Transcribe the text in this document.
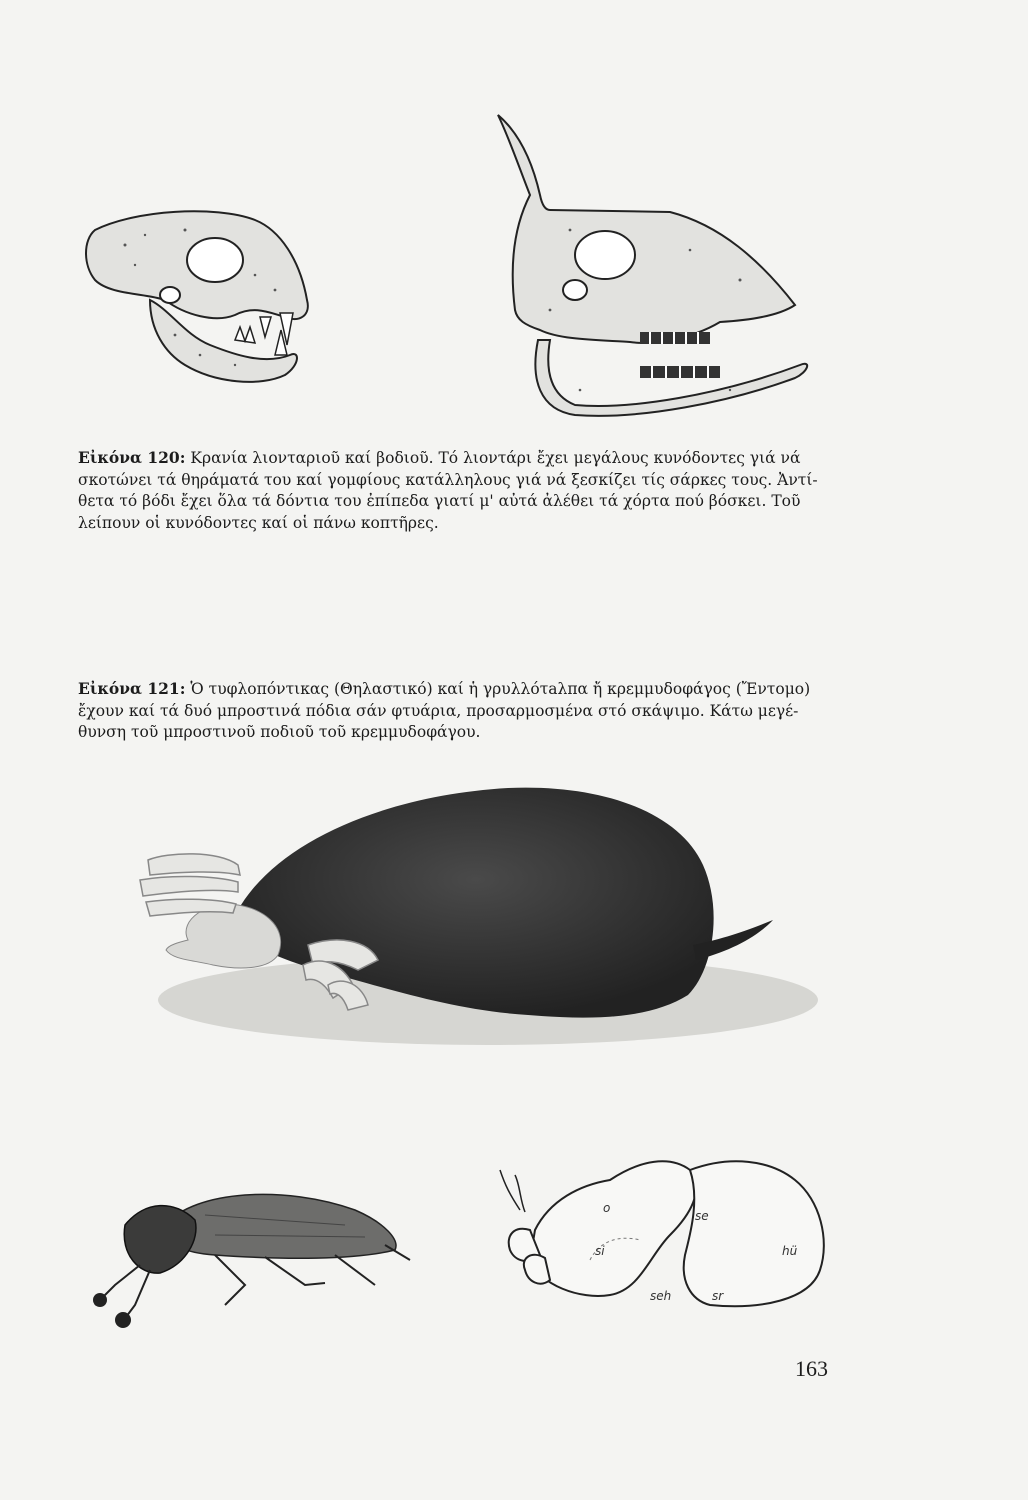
Εἰκόνα 120: Κρανία λιονταριοῦ καί βοδιοῦ. Τό λιοντάρι ἔχει μεγάλους κυνόδοντες γιά νά
σκοτώνει τά θηράματά του καί γομφίους κατάλληλους γιά νά ξεσκίζει τίς σάρκες τους. Ἀντί-
θετα τό βόδι ἔχει ὅλα τά δόντια του ἐπίπεδα γιατί μ' αὐτά ἀλέθει τά χόρτα πού βόσκει. Τοῦ
λείπουν οἱ κυνόδοντες καί οἱ πάνω κοπτῆρες.

Εἰκόνα 121: Ὁ τυφλοπόντικας (Θηλαστικό) καί ἡ γρυλλότaλπα ἤ κρεμμυδοφάγος (Ἔντομο)
ἔχουν καί τά δυό μπροστινά πόδια σάν φτυάρια, προσαρμοσμένα στό σκάψιμο. Κάτω μεγέ-
θυνση τοῦ μπροστινοῦ ποδιοῦ τοῦ κρεμμυδοφάγου.

o
se
si	hü
seh	sr
163
